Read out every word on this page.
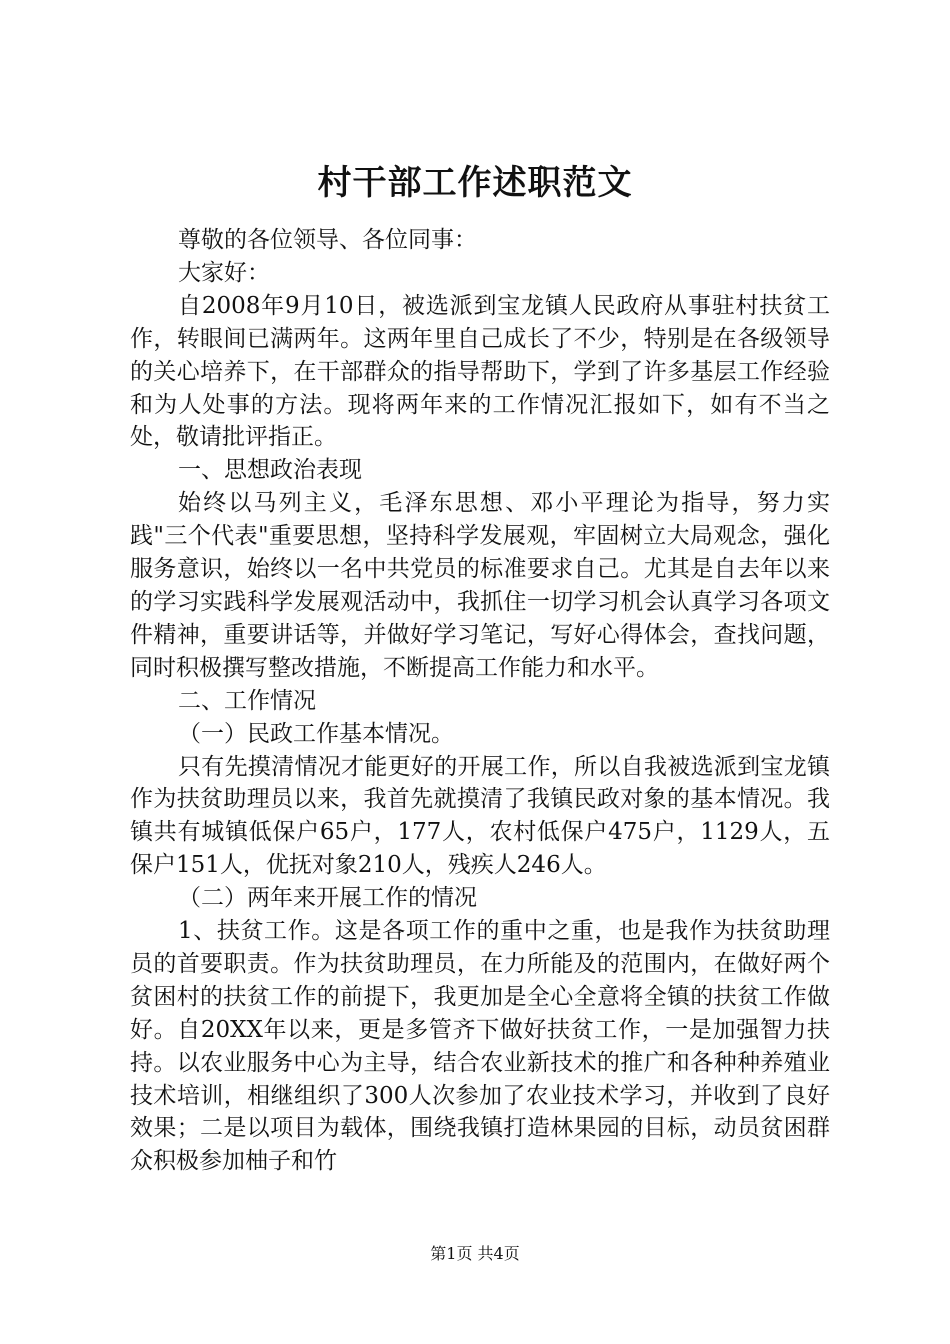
村干部工作述职范文

尊敬的各位领导、各位同事：

大家好：

自2008年9月10日，被选派到宝龙镇人民政府从事驻村扶贫工作，转眼间已满两年。这两年里自己成长了不少，特别是在各级领导的关心培养下，在干部群众的指导帮助下，学到了许多基层工作经验和为人处事的方法。现将两年来的工作情况汇报如下，如有不当之处，敬请批评指正。

一、思想政治表现

始终以马列主义，毛泽东思想、邓小平理论为指导，努力实践"三个代表"重要思想，坚持科学发展观，牢固树立大局观念，强化服务意识，始终以一名中共党员的标准要求自己。尤其是自去年以来的学习实践科学发展观活动中，我抓住一切学习机会认真学习各项文件精神，重要讲话等，并做好学习笔记，写好心得体会，查找问题，同时积极撰写整改措施，不断提高工作能力和水平。

二、工作情况

（一）民政工作基本情况。

只有先摸清情况才能更好的开展工作，所以自我被选派到宝龙镇作为扶贫助理员以来，我首先就摸清了我镇民政对象的基本情况。我镇共有城镇低保户65户，177人，农村低保户475户，1129人，五保户151人，优抚对象210人，残疾人246人。

（二）两年来开展工作的情况

1、扶贫工作。这是各项工作的重中之重，也是我作为扶贫助理员的首要职责。作为扶贫助理员，在力所能及的范围内，在做好两个贫困村的扶贫工作的前提下，我更加是全心全意将全镇的扶贫工作做好。自20XX年以来，更是多管齐下做好扶贫工作，一是加强智力扶持。以农业服务中心为主导，结合农业新技术的推广和各种种养殖业技术培训，相继组织了300人次参加了农业技术学习，并收到了良好效果；二是以项目为载体，围绕我镇打造林果园的目标，动员贫困群众积极参加柚子和竹

第1页 共4页
